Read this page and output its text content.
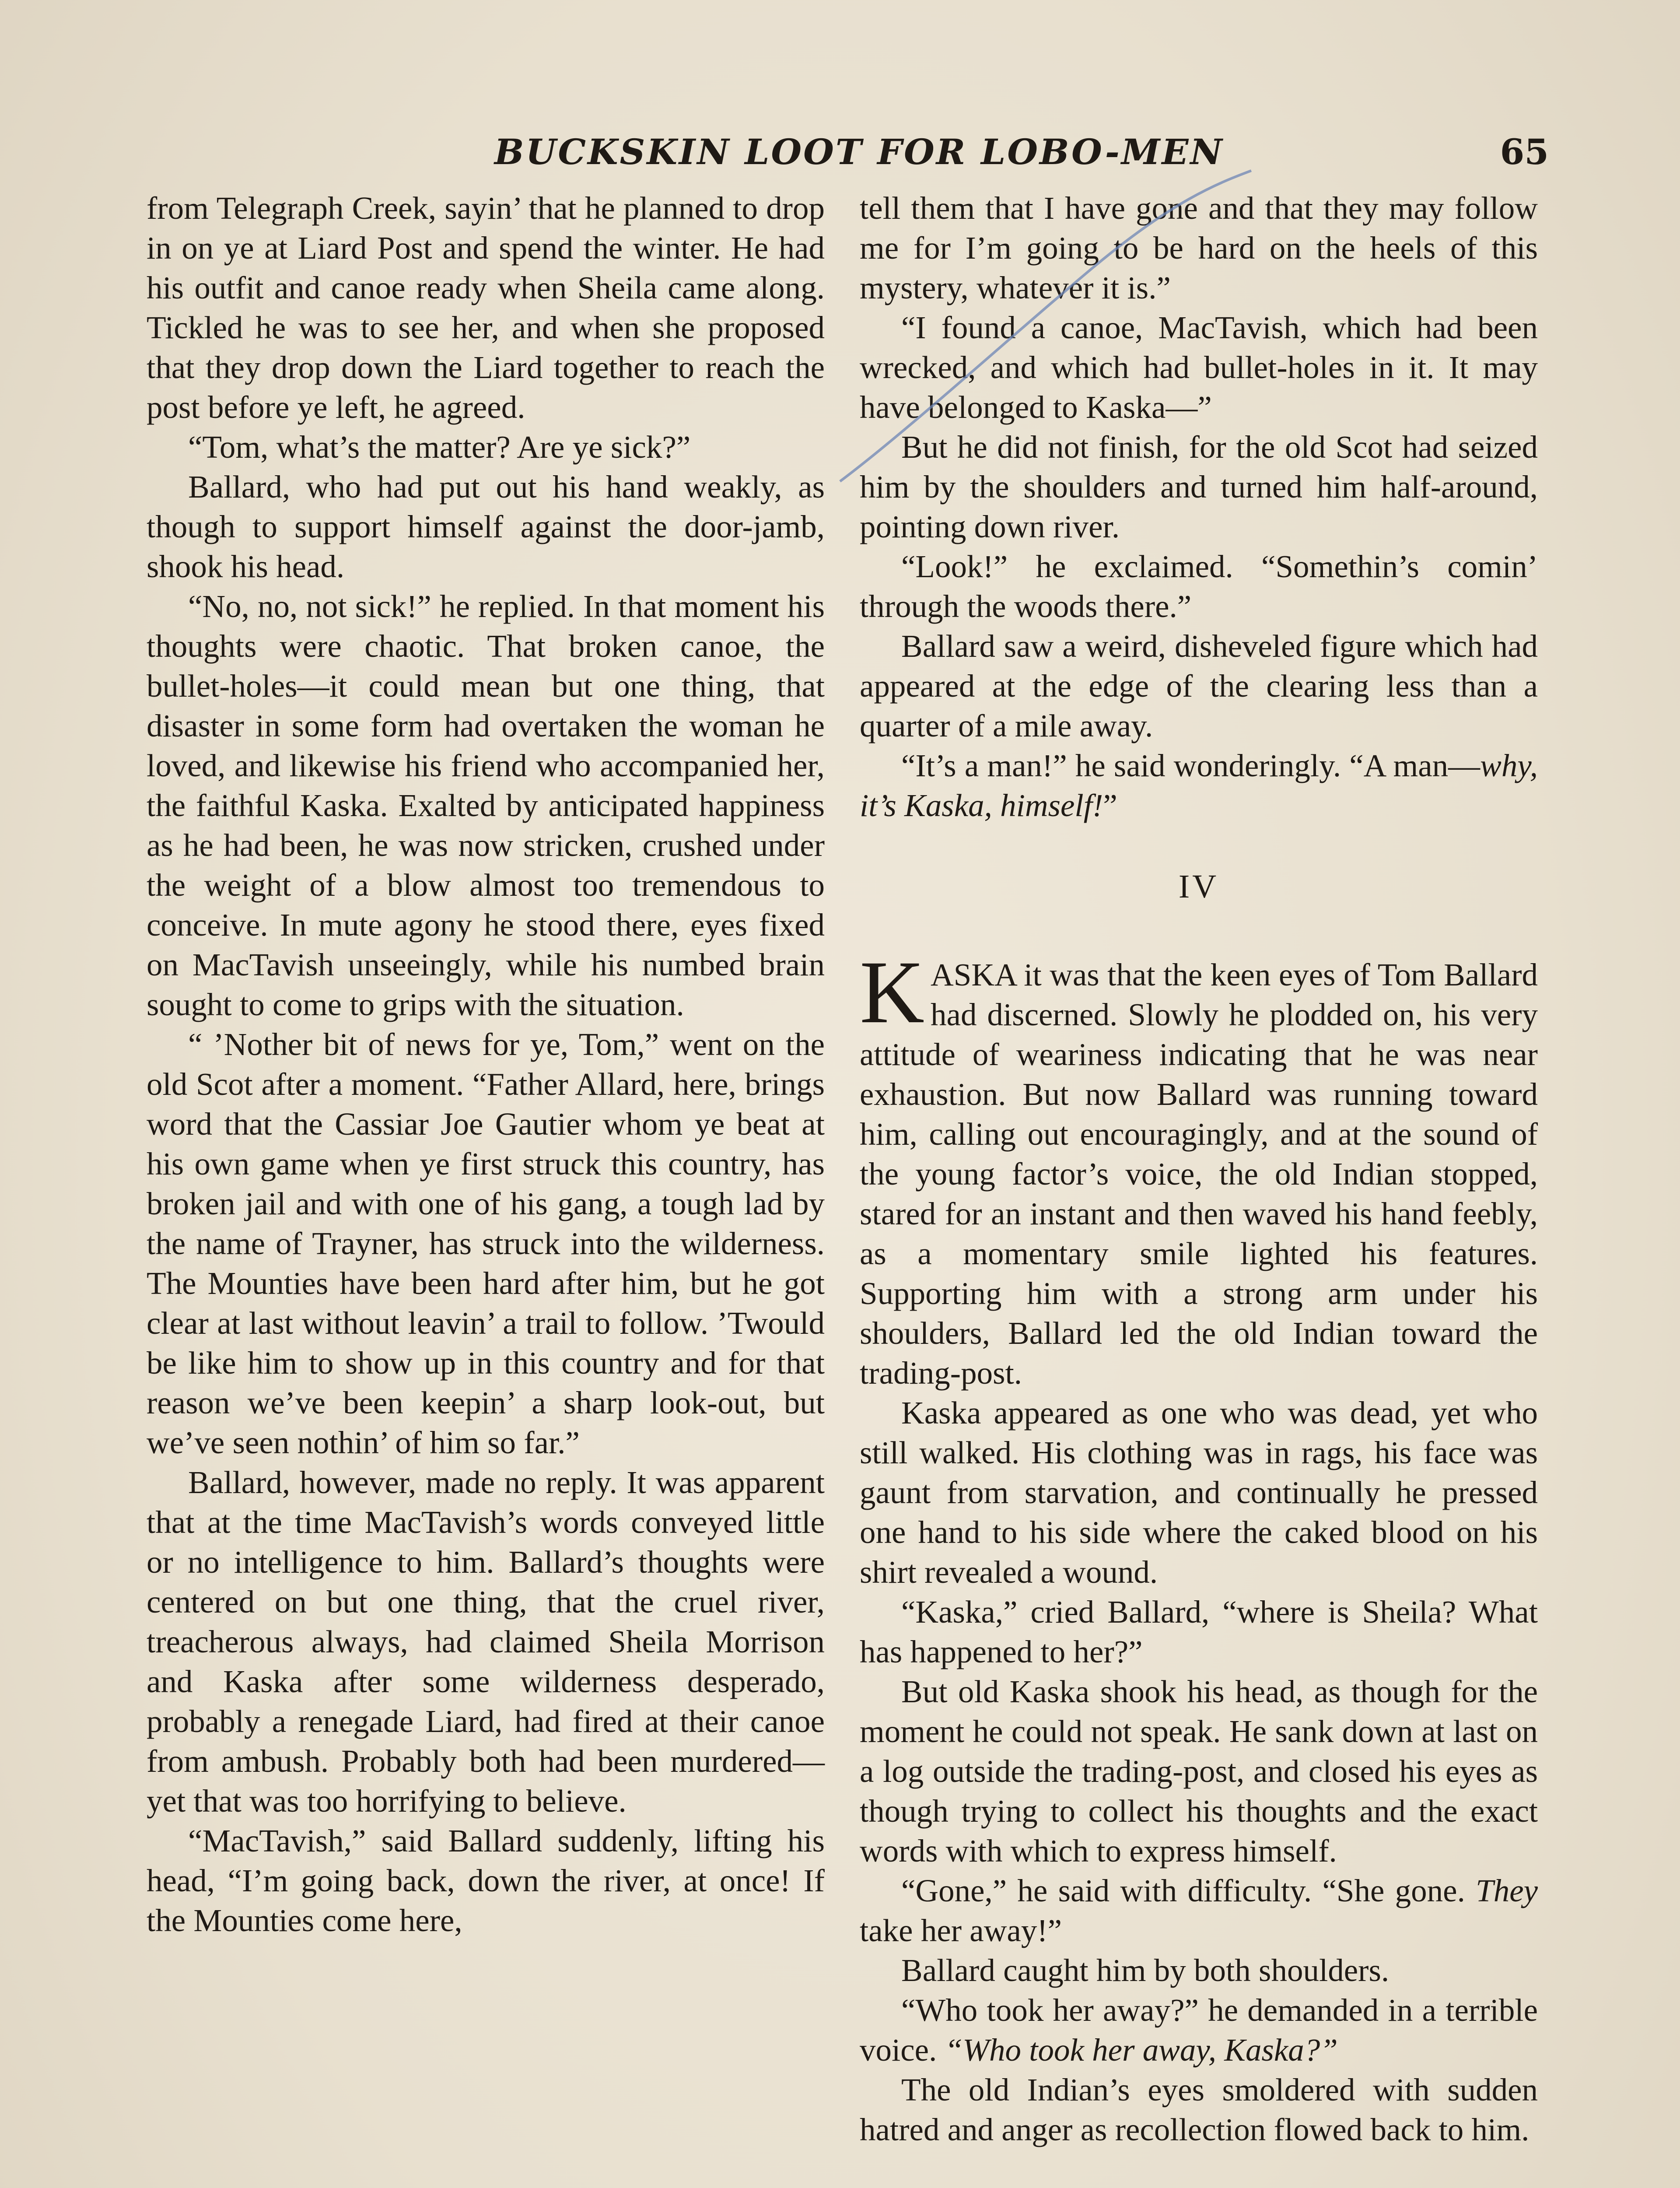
BUCKSKIN LOOT FOR LOBO-MEN	65

from Telegraph Creek, sayin’ that he planned to drop in on ye at Liard Post and spend the winter. He had his outfit and canoe ready when Sheila came along. Tickled he was to see her, and when she proposed that they drop down the Liard together to reach the post before ye left, he agreed.

“Tom, what’s the matter? Are ye sick?”

Ballard, who had put out his hand weakly, as though to support himself against the door-jamb, shook his head.

“No, no, not sick!” he replied. In that moment his thoughts were chaotic. That broken canoe, the bullet-holes—it could mean but one thing, that disaster in some form had overtaken the woman he loved, and likewise his friend who accompanied her, the faithful Kaska. Exalted by anticipated happiness as he had been, he was now stricken, crushed under the weight of a blow almost too tremendous to conceive. In mute agony he stood there, eyes fixed on MacTavish unseeingly, while his numbed brain sought to come to grips with the situation.

“ ’Nother bit of news for ye, Tom,” went on the old Scot after a moment. “Father Allard, here, brings word that the Cassiar Joe Gautier whom ye beat at his own game when ye first struck this country, has broken jail and with one of his gang, a tough lad by the name of Trayner, has struck into the wilderness. The Mounties have been hard after him, but he got clear at last without leavin’ a trail to follow. ’Twould be like him to show up in this country and for that reason we’ve been keepin’ a sharp look-out, but we’ve seen nothin’ of him so far.”

Ballard, however, made no reply. It was apparent that at the time MacTavish’s words conveyed little or no intelligence to him. Ballard’s thoughts were centered on but one thing, that the cruel river, treacherous always, had claimed Sheila Morrison and Kaska after some wilderness desperado, probably a renegade Liard, had fired at their canoe from ambush. Probably both had been murdered—yet that was too horrifying to believe.

“MacTavish,” said Ballard suddenly, lifting his head, “I’m going back, down the river, at once! If the Mounties come here,

tell them that I have gone and that they may follow me for I’m going to be hard on the heels of this mystery, whatever it is.”

“I found a canoe, MacTavish, which had been wrecked, and which had bullet-holes in it. It may have belonged to Kaska—”

But he did not finish, for the old Scot had seized him by the shoulders and turned him half-around, pointing down river.

“Look!” he exclaimed. “Somethin’s comin’ through the woods there.”

Ballard saw a weird, disheveled figure which had appeared at the edge of the clearing less than a quarter of a mile away.

“It’s a man!” he said wonderingly. “A man—why, it’s Kaska, himself!”

IV

KASKA it was that the keen eyes of Tom Ballard had discerned. Slowly he plodded on, his very attitude of weariness indicating that he was near exhaustion. But now Ballard was running toward him, calling out encouragingly, and at the sound of the young factor’s voice, the old Indian stopped, stared for an instant and then waved his hand feebly, as a momentary smile lighted his features. Supporting him with a strong arm under his shoulders, Ballard led the old Indian toward the trading-post.

Kaska appeared as one who was dead, yet who still walked. His clothing was in rags, his face was gaunt from starvation, and continually he pressed one hand to his side where the caked blood on his shirt revealed a wound.

“Kaska,” cried Ballard, “where is Sheila? What has happened to her?”

But old Kaska shook his head, as though for the moment he could not speak. He sank down at last on a log outside the trading-post, and closed his eyes as though trying to collect his thoughts and the exact words with which to express himself.

“Gone,” he said with difficulty. “She gone. They take her away!”

Ballard caught him by both shoulders.

“Who took her away?” he demanded in a terrible voice. “Who took her away, Kaska?”

The old Indian’s eyes smoldered with sudden hatred and anger as recollection flowed back to him.
